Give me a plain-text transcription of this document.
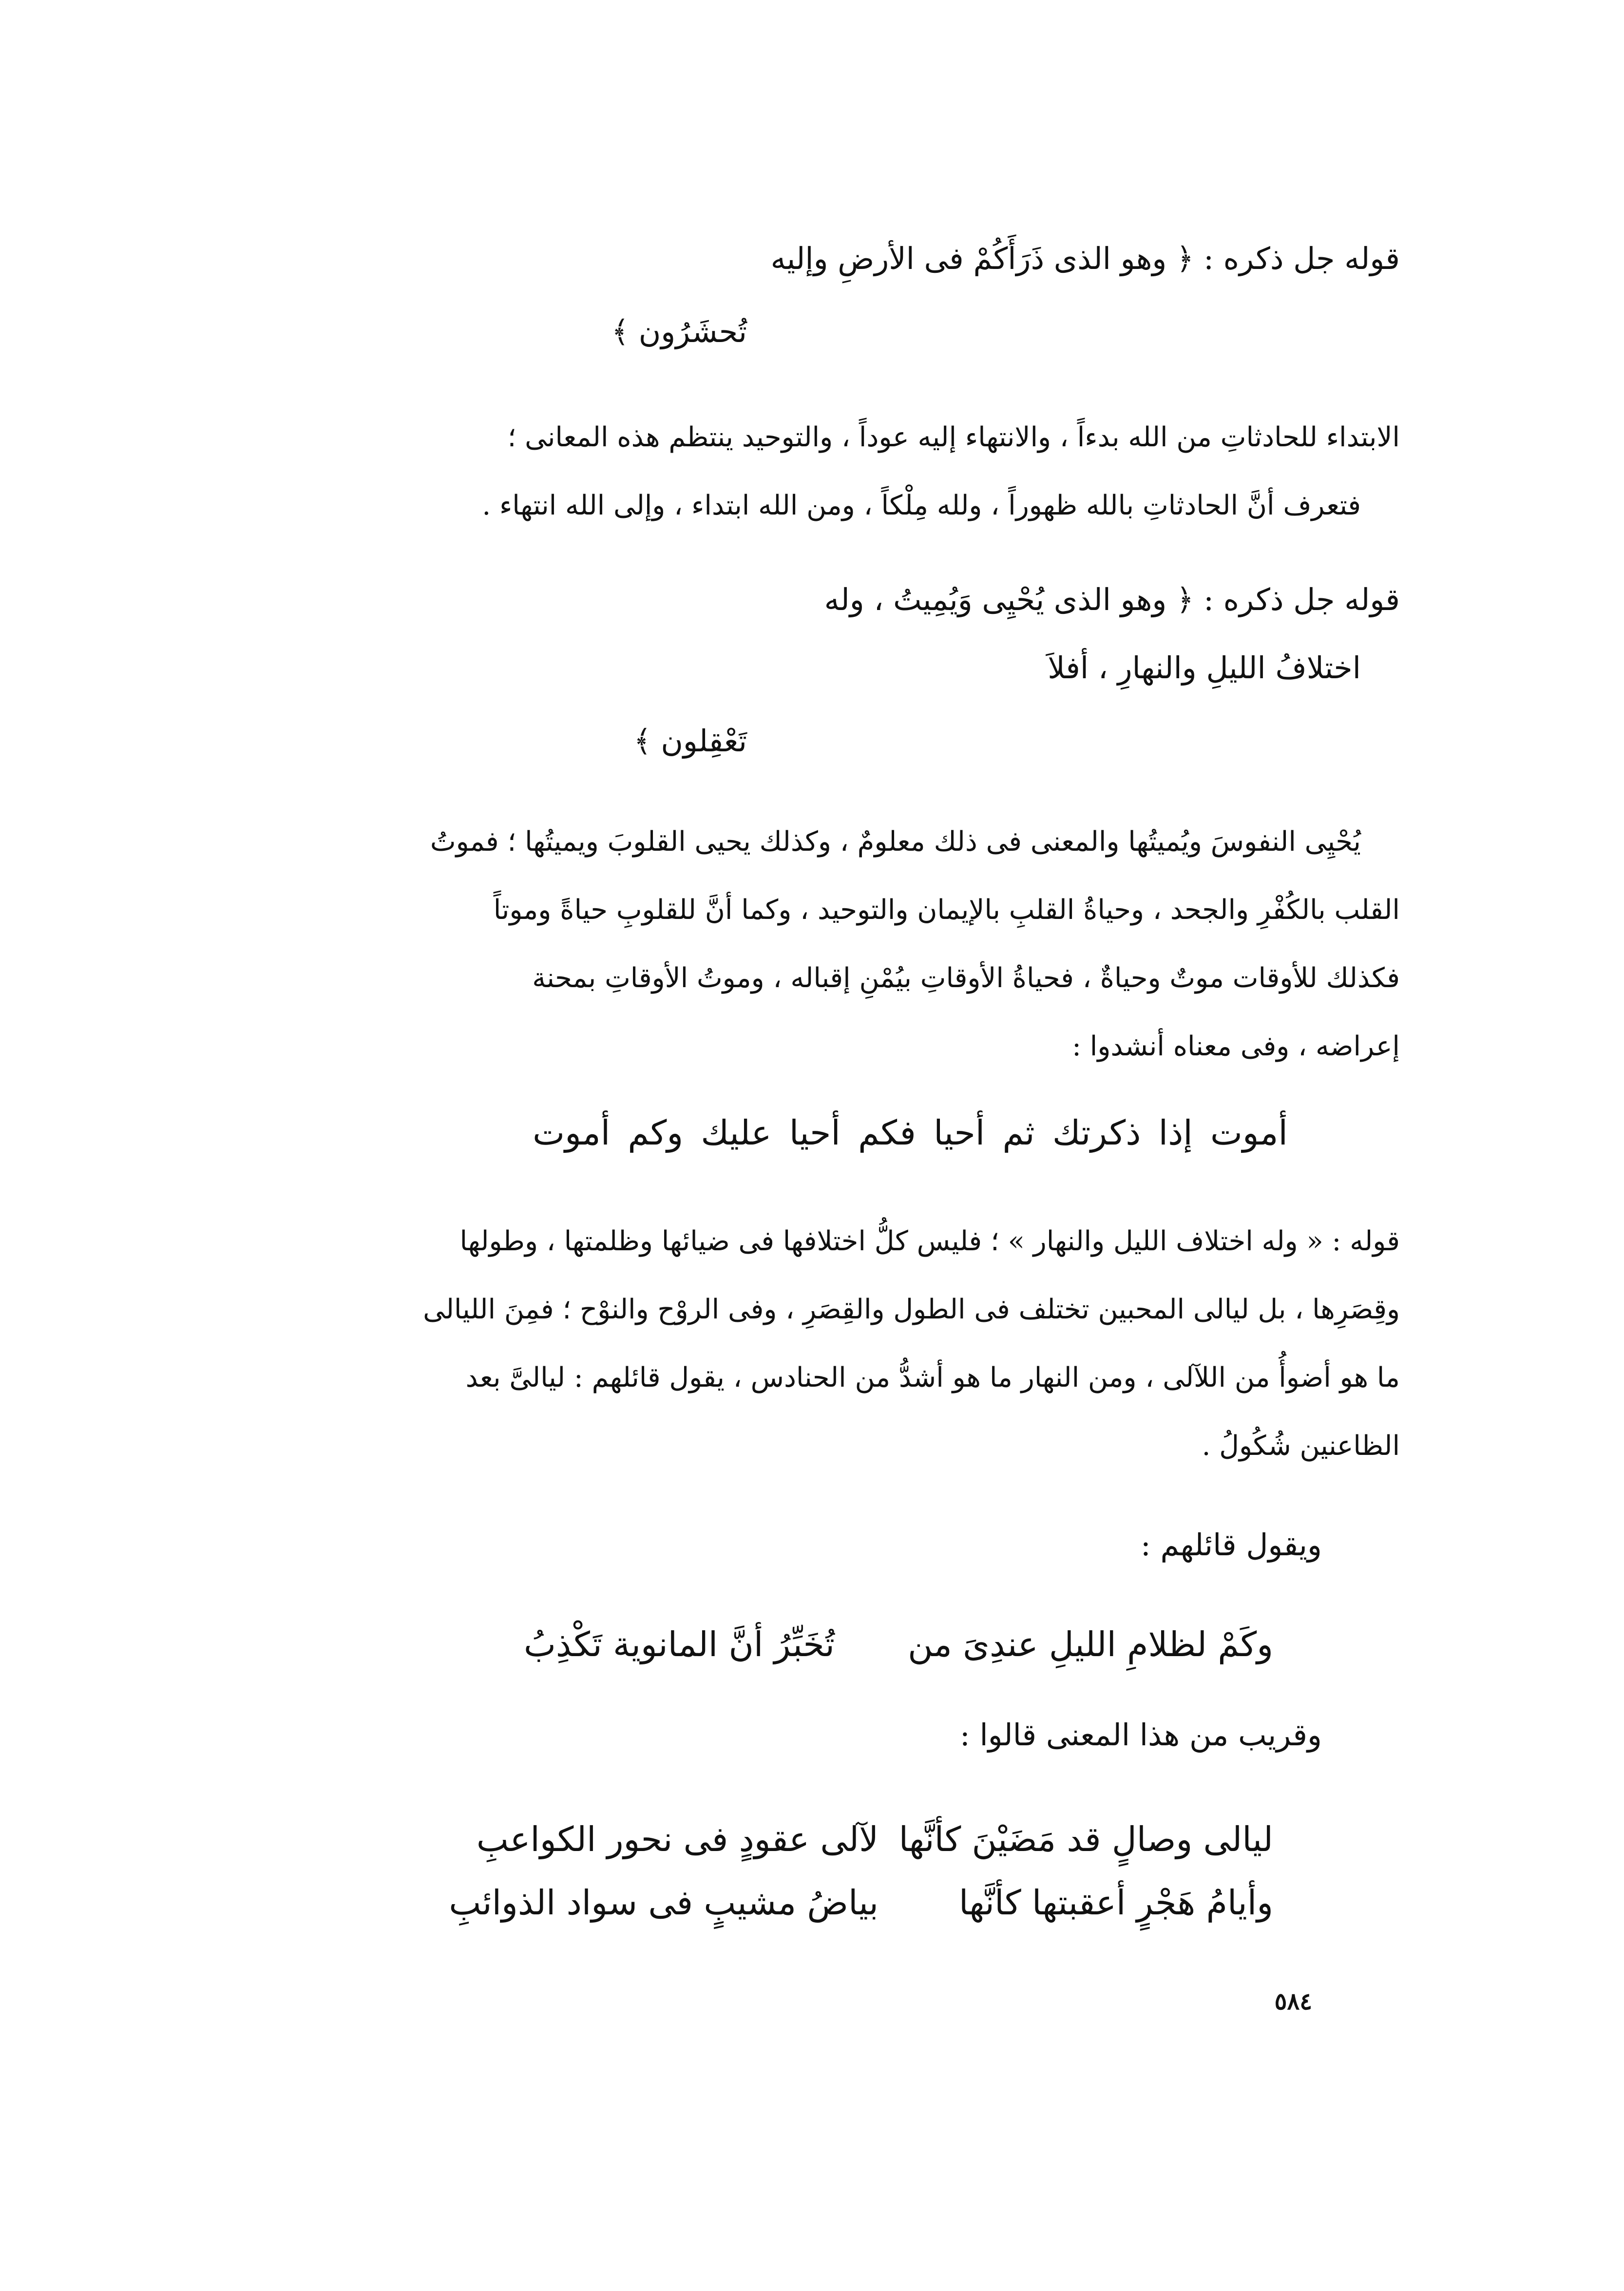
قوله جل ذكره : ﴿ وهو الذى ذَرَأَكُمْ فى الأرضِ وإليه
تُحشَرُون ﴾
الابتداء للحادثاتِ من الله بدءاً ، والانتهاء إليه عوداً ، والتوحيد ينتظم هذه المعانى ؛
فتعرف أنَّ الحادثاتِ بالله ظهوراً ، ولله مِلْكاً ، ومن الله ابتداء ، وإلى الله انتهاء .
قوله جل ذكره : ﴿ وهو الذى يُحْيِى وَيُمِيتُ ، وله
اختلافُ الليلِ والنهارِ ، أفلاَ
تَعْقِلون ﴾
يُحْيِى النفوسَ ويُميتُها والمعنى فى ذلك معلومٌ ، وكذلك يحيى القلوبَ ويميتُها ؛ فموتُ
القلب بالكُفْرِ والجحد ، وحياةُ القلبِ بالإيمان والتوحيد ، وكما أنَّ للقلوبِ حياةً وموتاً
فكذلك للأوقات موتٌ وحياةٌ ، فحياةُ الأوقاتِ بيُمْنِ إقباله ، وموتُ الأوقاتِ بمحنة
إعراضه ، وفى معناه أنشدوا :
أموت إذا ذكرتك ثم أحيا فكم أحيا عليك وكم أموت
قوله : « وله اختلاف الليل والنهار » ؛ فليس كلُّ اختلافها فى ضيائها وظلمتها ، وطولها
وقِصَرِها ، بل ليالى المحبين تختلف فى الطول والقِصَرِ ، وفى الروْح والنوْح ؛ فمِنَ الليالى
ما هو أضوأُ من اللآلى ، ومن النهار ما هو أشدُّ من الحنادس ، يقول قائلهم : ليالىَّ بعد
الظاعنين شُكُولُ .
ويقول قائلهم :
وكَمْ لظلامِ الليلِ عندِىَ من
تُخَبِّرُ أنَّ المانوية تَكْذِبُ
وقريب من هذا المعنى قالوا :
ليالى وصالٍ قد مَضَيْنَ كأنَّها
لآلى عقودٍ فى نحور الكواعبِ
وأيامُ هَجْرٍ أعقبتها كأنَّها
بياضُ مشيبٍ فى سواد الذوائبِ
٥٨٤
